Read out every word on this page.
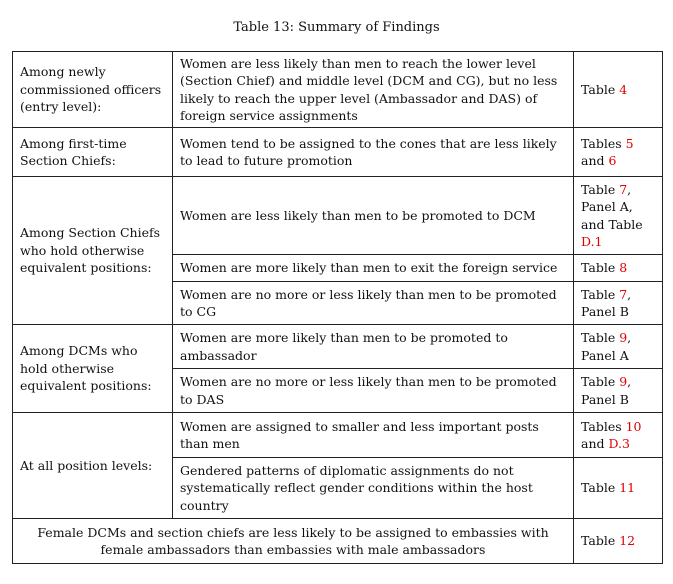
Table 13: Summary of Findings
Among newly commissioned officers (entry level):	Women are less likely than men to reach the lower level (Section Chief) and middle level (DCM and CG), but no less likely to reach the upper level (Ambassador and DAS) of foreign service assignments	Table 4
Among first-time Section Chiefs:	Women tend to be assigned to the cones that are less likely to lead to future promotion	Tables 5 and 6
Among Section Chiefs who hold otherwise equivalent positions:	Women are less likely than men to be promoted to DCM	Table 7, Panel A, and Table D.1
	Women are more likely than men to exit the foreign service	Table 8
	Women are no more or less likely than men to be promoted to CG	Table 7, Panel B
Among DCMs who hold otherwise equivalent positions:	Women are more likely than men to be promoted to ambassador	Table 9, Panel A
	Women are no more or less likely than men to be promoted to DAS	Table 9, Panel B
At all position levels:	Women are assigned to smaller and less important posts than men	Tables 10 and D.3
	Gendered patterns of diplomatic assignments do not systematically reflect gender conditions within the host country	Table 11
Female DCMs and section chiefs are less likely to be assigned to embassies with female ambassadors than embassies with male ambassadors		Table 12
